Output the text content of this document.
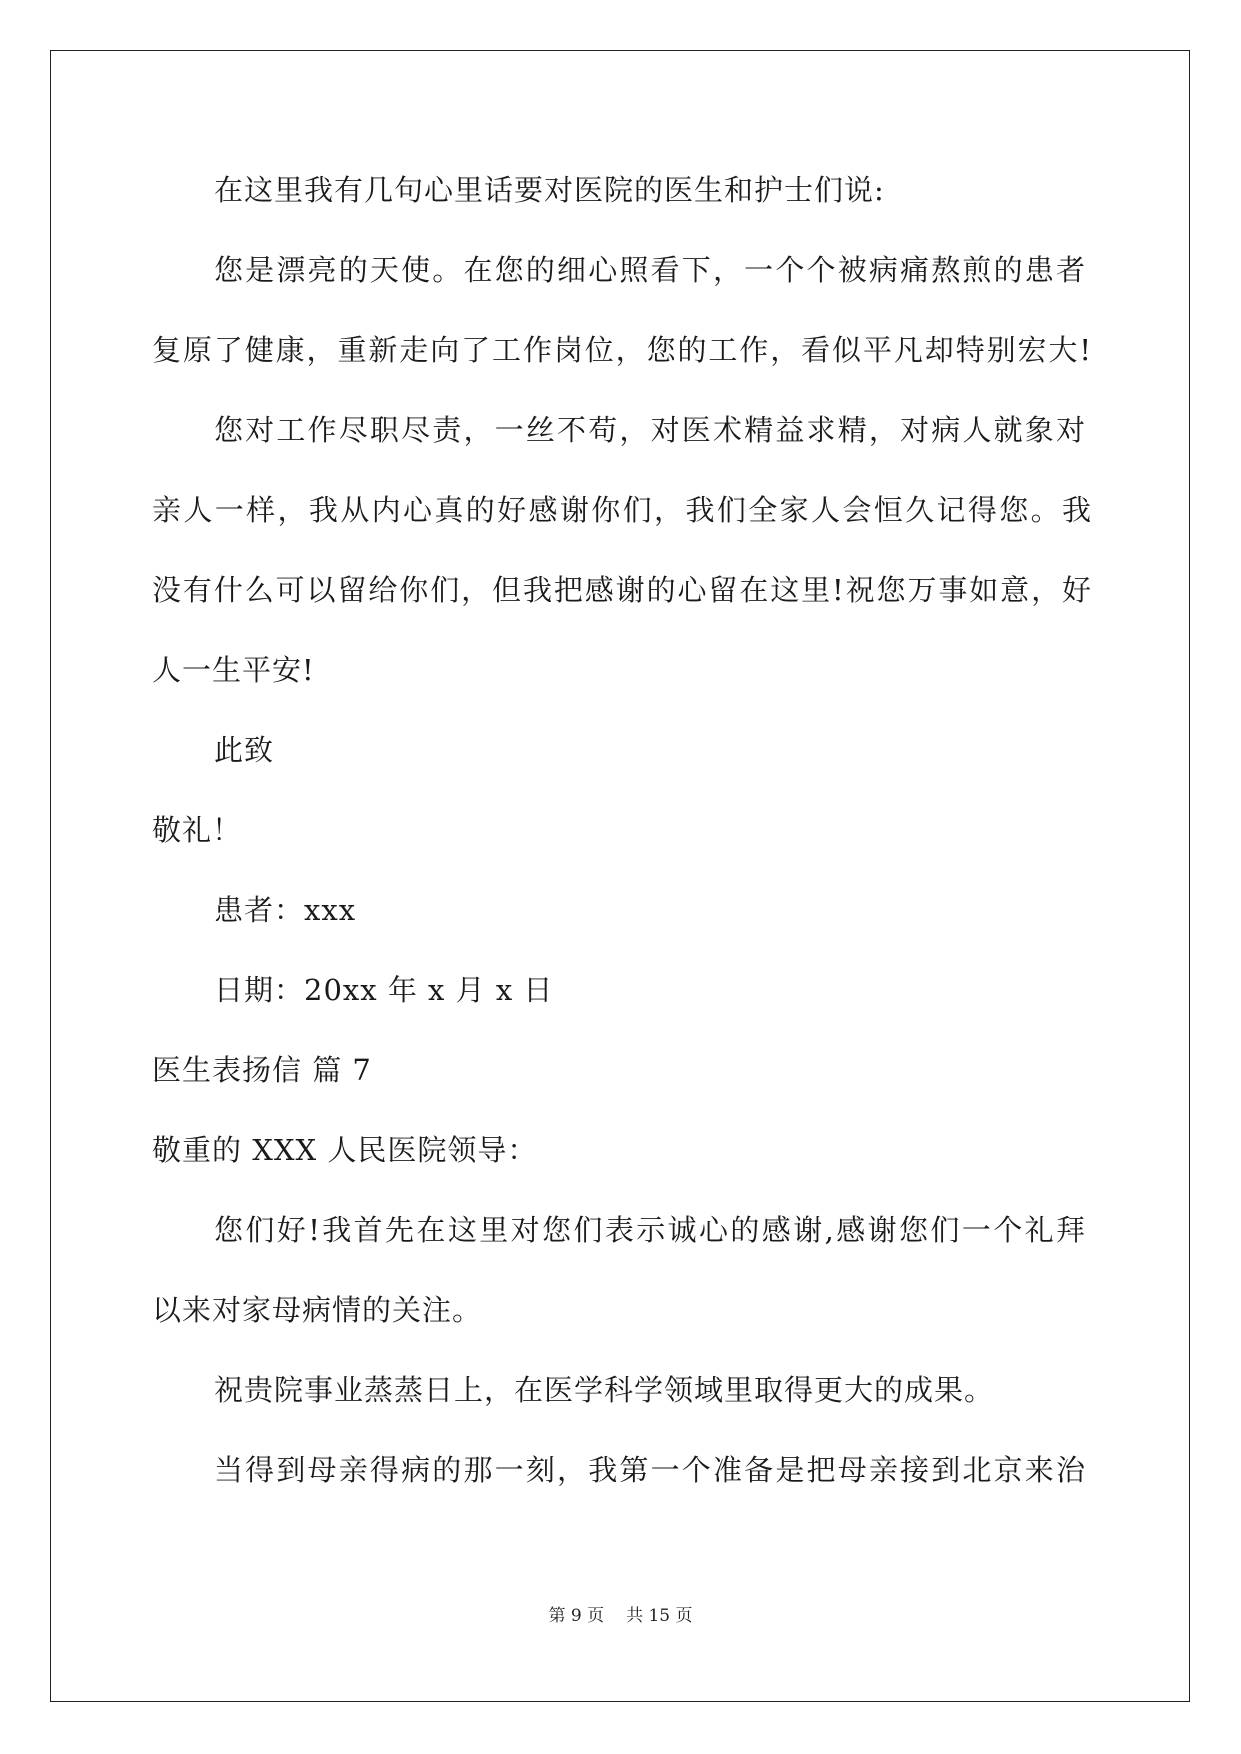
在这里我有几句心里话要对医院的医生和护士们说:
您是漂亮的天使。在您的细心照看下，一个个被病痛熬煎的患者
复原了健康，重新走向了工作岗位，您的工作，看似平凡却特别宏大!
您对工作尽职尽责，一丝不苟，对医术精益求精，对病人就象对
亲人一样，我从内心真的好感谢你们，我们全家人会恒久记得您。我
没有什么可以留给你们，但我把感谢的心留在这里!祝您万事如意，好
人一生平安!
此致
敬礼！
患者：xxx
日期：20xx 年 x 月 x 日
医生表扬信 篇 7
敬重的 XXX 人民医院领导：
您们好!我首先在这里对您们表示诚心的感谢,感谢您们一个礼拜
以来对家母病情的关注。
祝贵院事业蒸蒸日上，在医学科学领域里取得更大的成果。
当得到母亲得病的那一刻，我第一个准备是把母亲接到北京来治
第 9 页 共 15 页
